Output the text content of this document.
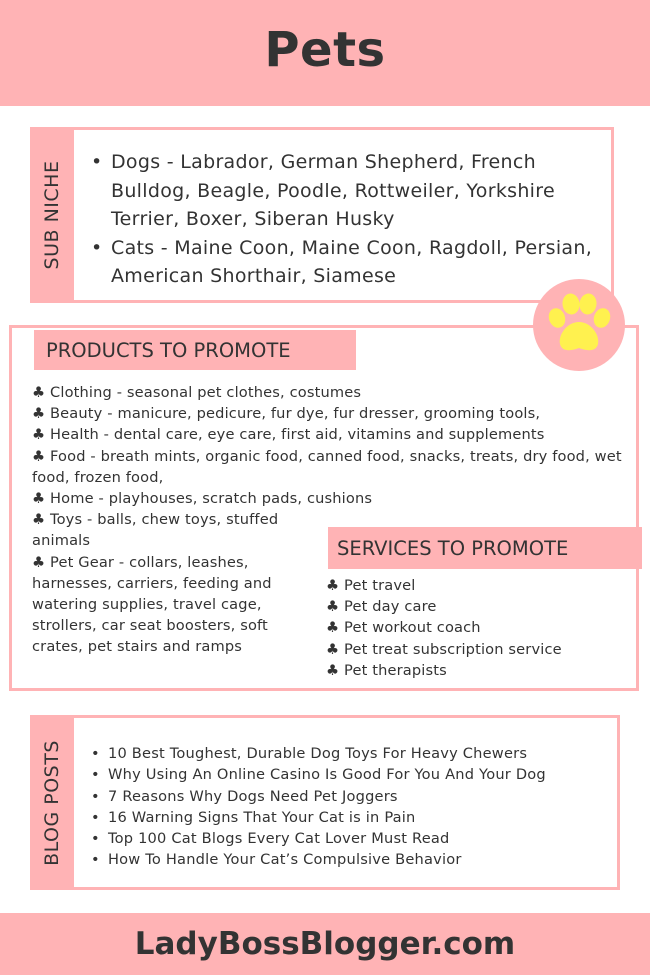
Pets
SUB NICHE	• Dogs - Labrador, German Shepherd, French Bulldog, Beagle, Poodle, Rottweiler, Yorkshire Terrier, Boxer, Siberan Husky
• Cats - Maine Coon, Maine Coon, Ragdoll, Persian, American Shorthair, Siamese
PRODUCTS TO PROMOTE
♣ Clothing - seasonal pet clothes, costumes
♣ Beauty - manicure, pedicure, fur dye, fur dresser, grooming tools,
♣ Health - dental care, eye care, first aid, vitamins and supplements
♣ Food - breath mints, organic food, canned food, snacks, treats, dry food, wet food, frozen food,
♣ Home - playhouses, scratch pads, cushions
♣ Toys - balls, chew toys, stuffed animals
♣ Pet Gear - collars, leashes, harnesses, carriers, feeding and watering supplies, travel cage, strollers, car seat boosters, soft crates, pet stairs and ramps
SERVICES TO PROMOTE
♣ Pet travel
♣ Pet day care
♣ Pet workout coach
♣ Pet treat subscription service
♣ Pet therapists
BLOG POSTS	• 10 Best Toughest, Durable Dog Toys For Heavy Chewers
• Why Using An Online Casino Is Good For You And Your Dog
• 7 Reasons Why Dogs Need Pet Joggers
• 16 Warning Signs That Your Cat is in Pain
• Top 100 Cat Blogs Every Cat Lover Must Read
• How To Handle Your Cat’s Compulsive Behavior
LadyBossBlogger.com
